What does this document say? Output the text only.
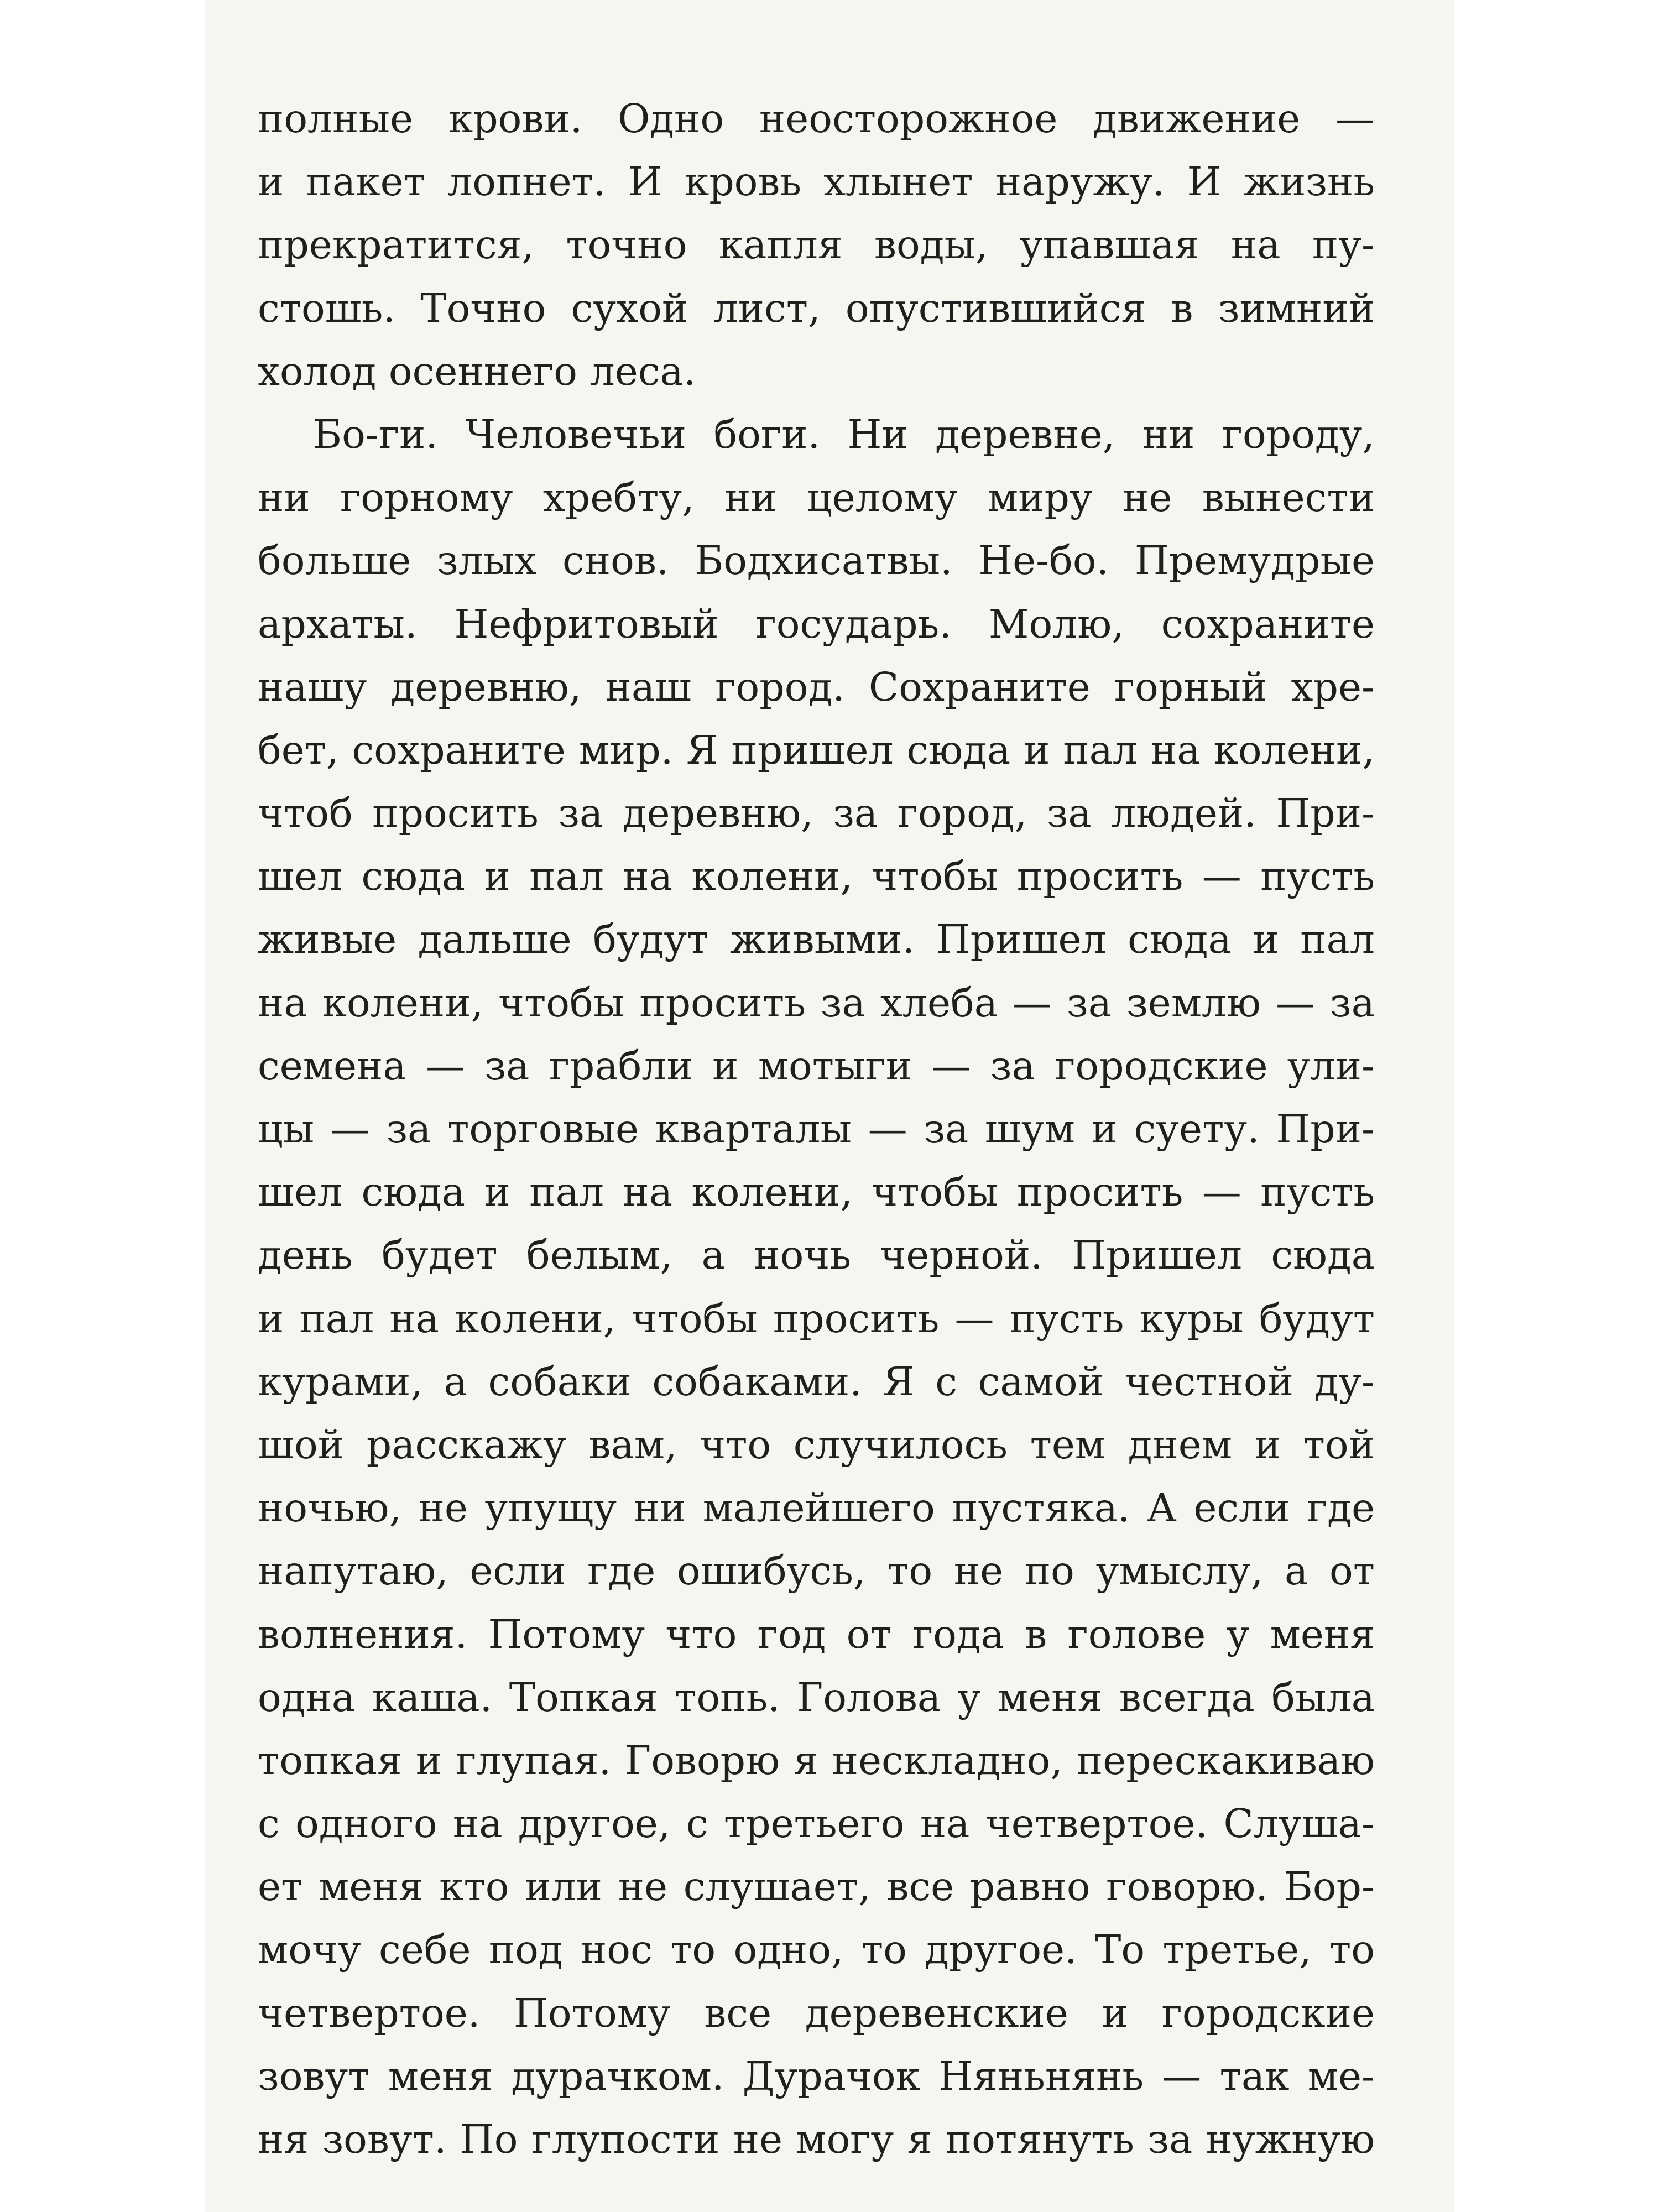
полные крови. Одно неосторожное движение —
и пакет лопнет. И кровь хлынет наружу. И жизнь
прекратится, точно капля воды, упавшая на пу-
стошь. Точно сухой лист, опустившийся в зимний
холод осеннего леса.
Бо-ги. Человечьи боги. Ни деревне, ни городу,
ни горному хребту, ни целому миру не вынести
больше злых снов. Бодхисатвы. Не-бо. Премудрые
архаты. Нефритовый государь. Молю, сохраните
нашу деревню, наш город. Сохраните горный хре-
бет, сохраните мир. Я пришел сюда и пал на колени,
чтоб просить за деревню, за город, за людей. При-
шел сюда и пал на колени, чтобы просить — пусть
живые дальше будут живыми. Пришел сюда и пал
на колени, чтобы просить за хлеба — за землю — за
семена — за грабли и мотыги — за городские ули-
цы — за торговые кварталы — за шум и суету. При-
шел сюда и пал на колени, чтобы просить — пусть
день будет белым, а ночь черной. Пришел сюда
и пал на колени, чтобы просить — пусть куры будут
курами, а собаки собаками. Я с самой честной ду-
шой расскажу вам, что случилось тем днем и той
ночью, не упущу ни малейшего пустяка. А если где
напутаю, если где ошибусь, то не по умыслу, а от
волнения. Потому что год от года в голове у меня
одна каша. Топкая топь. Голова у меня всегда была
топкая и глупая. Говорю я нескладно, перескакиваю
с одного на другое, с третьего на четвертое. Слуша-
ет меня кто или не слушает, все равно говорю. Бор-
мочу себе под нос то одно, то другое. То третье, то
четвертое. Потому все деревенские и городские
зовут меня дурачком. Дурачок Няньнянь — так ме-
ня зовут. По глупости не могу я потянуть за нужную
